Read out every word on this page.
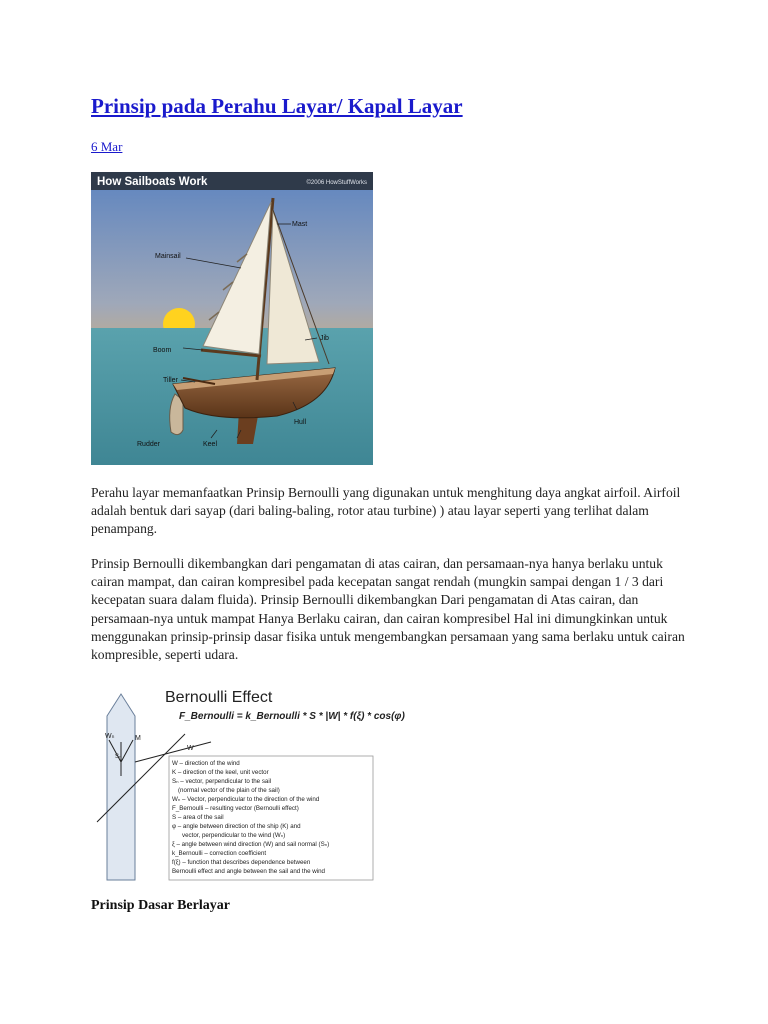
Prinsip pada Perahu Layar/ Kapal Layar
6 Mar
How Sailboats Work	©2006 HowStuffWorks
Mast
Mainsail
Jib
Boom
Tiller
Hull
Rudder	Keel

Perahu layar memanfaatkan Prinsip Bernoulli yang digunakan untuk menghitung daya angkat airfoil. Airfoil adalah bentuk dari sayap (dari baling-baling, rotor atau turbine) ) atau layar seperti yang terlihat dalam penampang.

Prinsip Bernoulli dikembangkan dari pengamatan di atas cairan, dan persamaan-nya hanya berlaku untuk cairan mampat, dan cairan kompresibel pada kecepatan sangat rendah (mungkin sampai dengan 1 / 3 dari kecepatan suara dalam fluida). Prinsip Bernoulli dikembangkan Dari pengamatan di Atas cairan, dan persamaan-nya untuk mampat Hanya Berlaku cairan, dan cairan kompresibel Hal ini dimungkinkan untuk menggunakan prinsip-prinsip dasar fisika untuk mengembangkan persamaan yang sama berlaku untuk cairan kompresible, seperti udara.

Bernoulli Effect
F_Bernoulli = k_Bernoulli * S * |W| * f(ξ) * cos(φ)
Wₙ	M
W
Sₙ
W – direction of the wind
K – direction of the keel, unit vector
Sₙ – vector, perpendicular to the sail
(normal vector of the plain of the sail)
Wₙ – Vector, perpendicular to the direction of the wind
F_Bernoulli – resulting vector (Bernoulli effect)
S – area of the sail
φ – angle between direction of the ship (K) and
vector, perpendicular to the wind (Wₙ)
ξ – angle between wind direction (W) and sail normal (Sₙ)
k_Bernoulli – correction coefficient
f(ξ) – function that describes dependence between
Bernoulli effect and angle between the sail and the wind
Prinsip Dasar Berlayar
